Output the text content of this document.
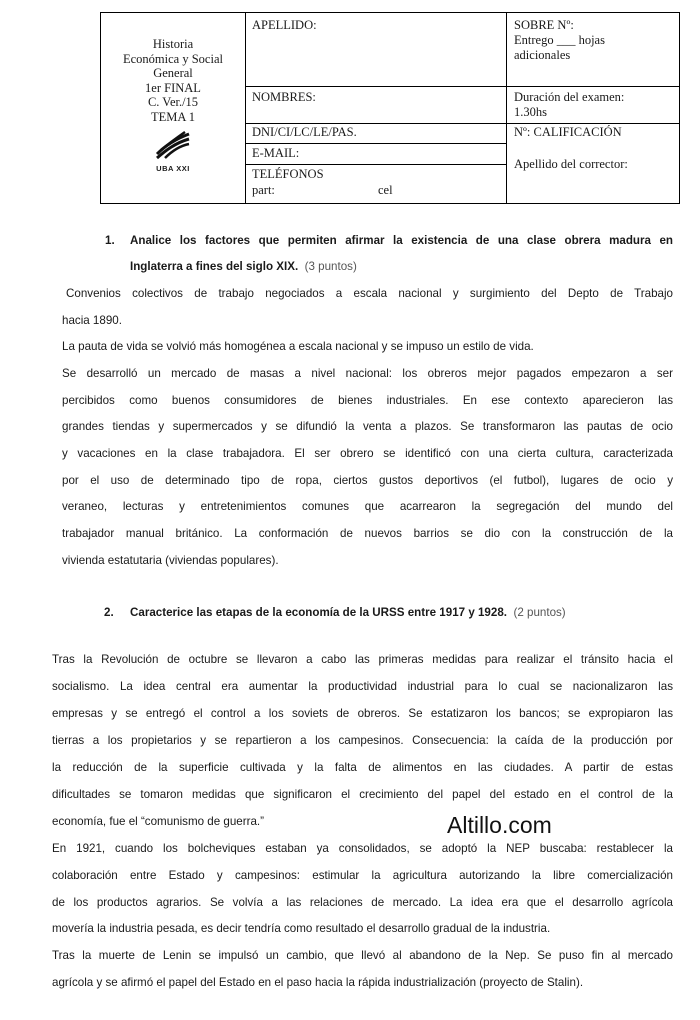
Historia
Económica y Social
General
1er FINAL
C. Ver./15
TEMA 1
UBA XXI
APELLIDO:
NOMBRES:
DNI/CI/LC/LE/PAS.
E-MAIL:
TELÉFONOS
part:	cel
SOBRE Nº:
Entrego ___ hojas
adicionales
Duración del examen:
1.30hs
Nº: CALIFICACIÓN
Apellido del corrector:
1. Analice los factores que permiten afirmar la existencia de una clase obrera madura en
Inglaterra a fines del siglo XIX. (3 puntos)
Convenios colectivos de trabajo negociados a escala nacional y surgimiento del Depto de Trabajo
hacia 1890.
La pauta de vida se volvió más homogénea a escala nacional y se impuso un estilo de vida.
Se desarrolló un mercado de masas a nivel nacional: los obreros mejor pagados empezaron a ser
percibidos como buenos consumidores de bienes industriales. En ese contexto aparecieron las
grandes tiendas y supermercados y se difundió la venta a plazos. Se transformaron las pautas de ocio
y vacaciones en la clase trabajadora. El ser obrero se identificó con una cierta cultura, caracterizada
por el uso de determinado tipo de ropa, ciertos gustos deportivos (el futbol), lugares de ocio y
veraneo, lecturas y entretenimientos comunes que acarrearon la segregación del mundo del
trabajador manual británico. La conformación de nuevos barrios se dio con la construcción de la
vivienda estatutaria (viviendas populares).
2. Caracterice las etapas de la economía de la URSS entre 1917 y 1928. (2 puntos)
Tras la Revolución de octubre se llevaron a cabo las primeras medidas para realizar el tránsito hacia el
socialismo. La idea central era aumentar la productividad industrial para lo cual se nacionalizaron las
empresas y se entregó el control a los soviets de obreros. Se estatizaron los bancos; se expropiaron las
tierras a los propietarios y se repartieron a los campesinos. Consecuencia: la caída de la producción por
la reducción de la superficie cultivada y la falta de alimentos en las ciudades. A partir de estas
dificultades se tomaron medidas que significaron el crecimiento del papel del estado en el control de la
economía, fue el “comunismo de guerra.”
En 1921, cuando los bolcheviques estaban ya consolidados, se adoptó la NEP buscaba: restablecer la
colaboración entre Estado y campesinos: estimular la agricultura autorizando la libre comercialización
de los productos agrarios. Se volvía a las relaciones de mercado. La idea era que el desarrollo agrícola
movería la industria pesada, es decir tendría como resultado el desarrollo gradual de la industria.
Tras la muerte de Lenin se impulsó un cambio, que llevó al abandono de la Nep. Se puso fin al mercado
agrícola y se afirmó el papel del Estado en el paso hacia la rápida industrialización (proyecto de Stalin).
Altillo.com
